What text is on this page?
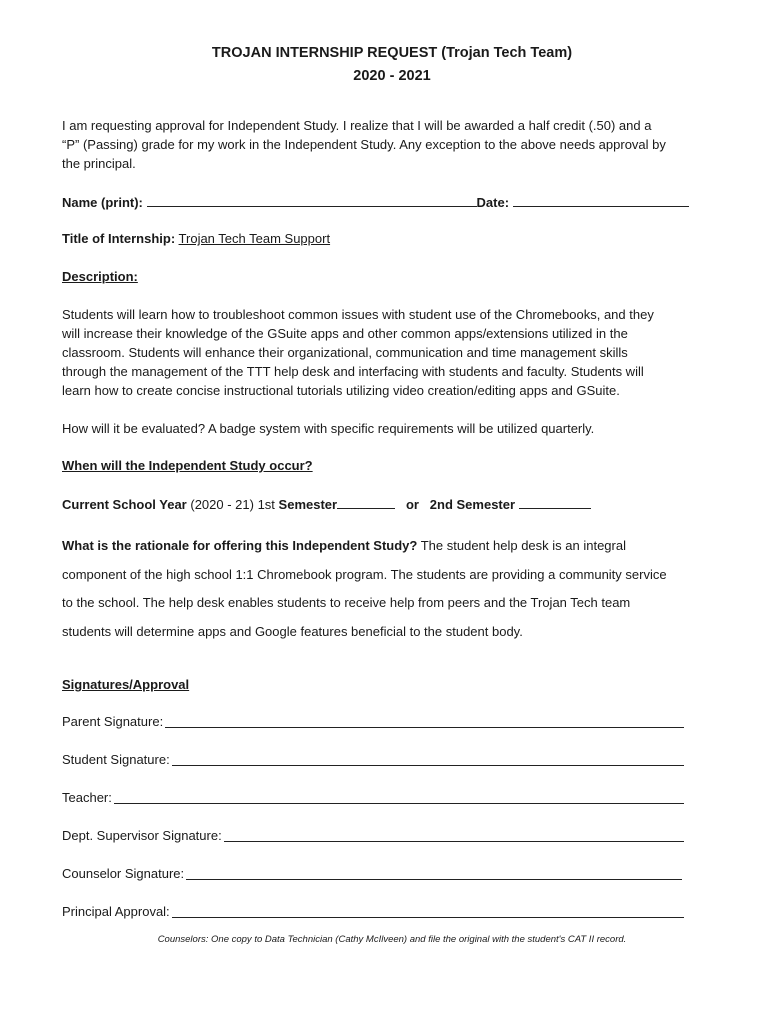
TROJAN INTERNSHIP REQUEST (Trojan Tech Team)
2020 - 2021

I am requesting approval for Independent Study. I realize that I will be awarded a half credit (.50) and a

“P” (Passing) grade for my work in the Independent Study. Any exception to the above needs approval by

the principal.

Name (print):	Date:
Title of Internship: Trojan Tech Team Support
Description:

Students will learn how to troubleshoot common issues with student use of the Chromebooks, and they

will increase their knowledge of the GSuite apps and other common apps/extensions utilized in the

classroom. Students will enhance their organizational, communication and time management skills

through the management of the TTT help desk and interfacing with students and faculty. Students will

learn how to create concise instructional tutorials utilizing video creation/editing apps and GSuite.

How will it be evaluated? A badge system with specific requirements will be utilized quarterly.
When will the Independent Study occur?
Current School Year (2020 - 21) 1st Semester	or 2nd Semester
What is the rationale for offering this Independent Study? The student help desk is an integral
component of the high school 1:1 Chromebook program. The students are providing a community service
to the school. The help desk enables students to receive help from peers and the Trojan Tech team
students will determine apps and Google features beneficial to the student body.
Signatures/Approval
Parent Signature:
Student Signature:
Teacher:
Dept. Supervisor Signature:
Counselor Signature:
Principal Approval:
Counselors: One copy to Data Technician (Cathy McIlveen) and file the original with the student's CAT II record.
